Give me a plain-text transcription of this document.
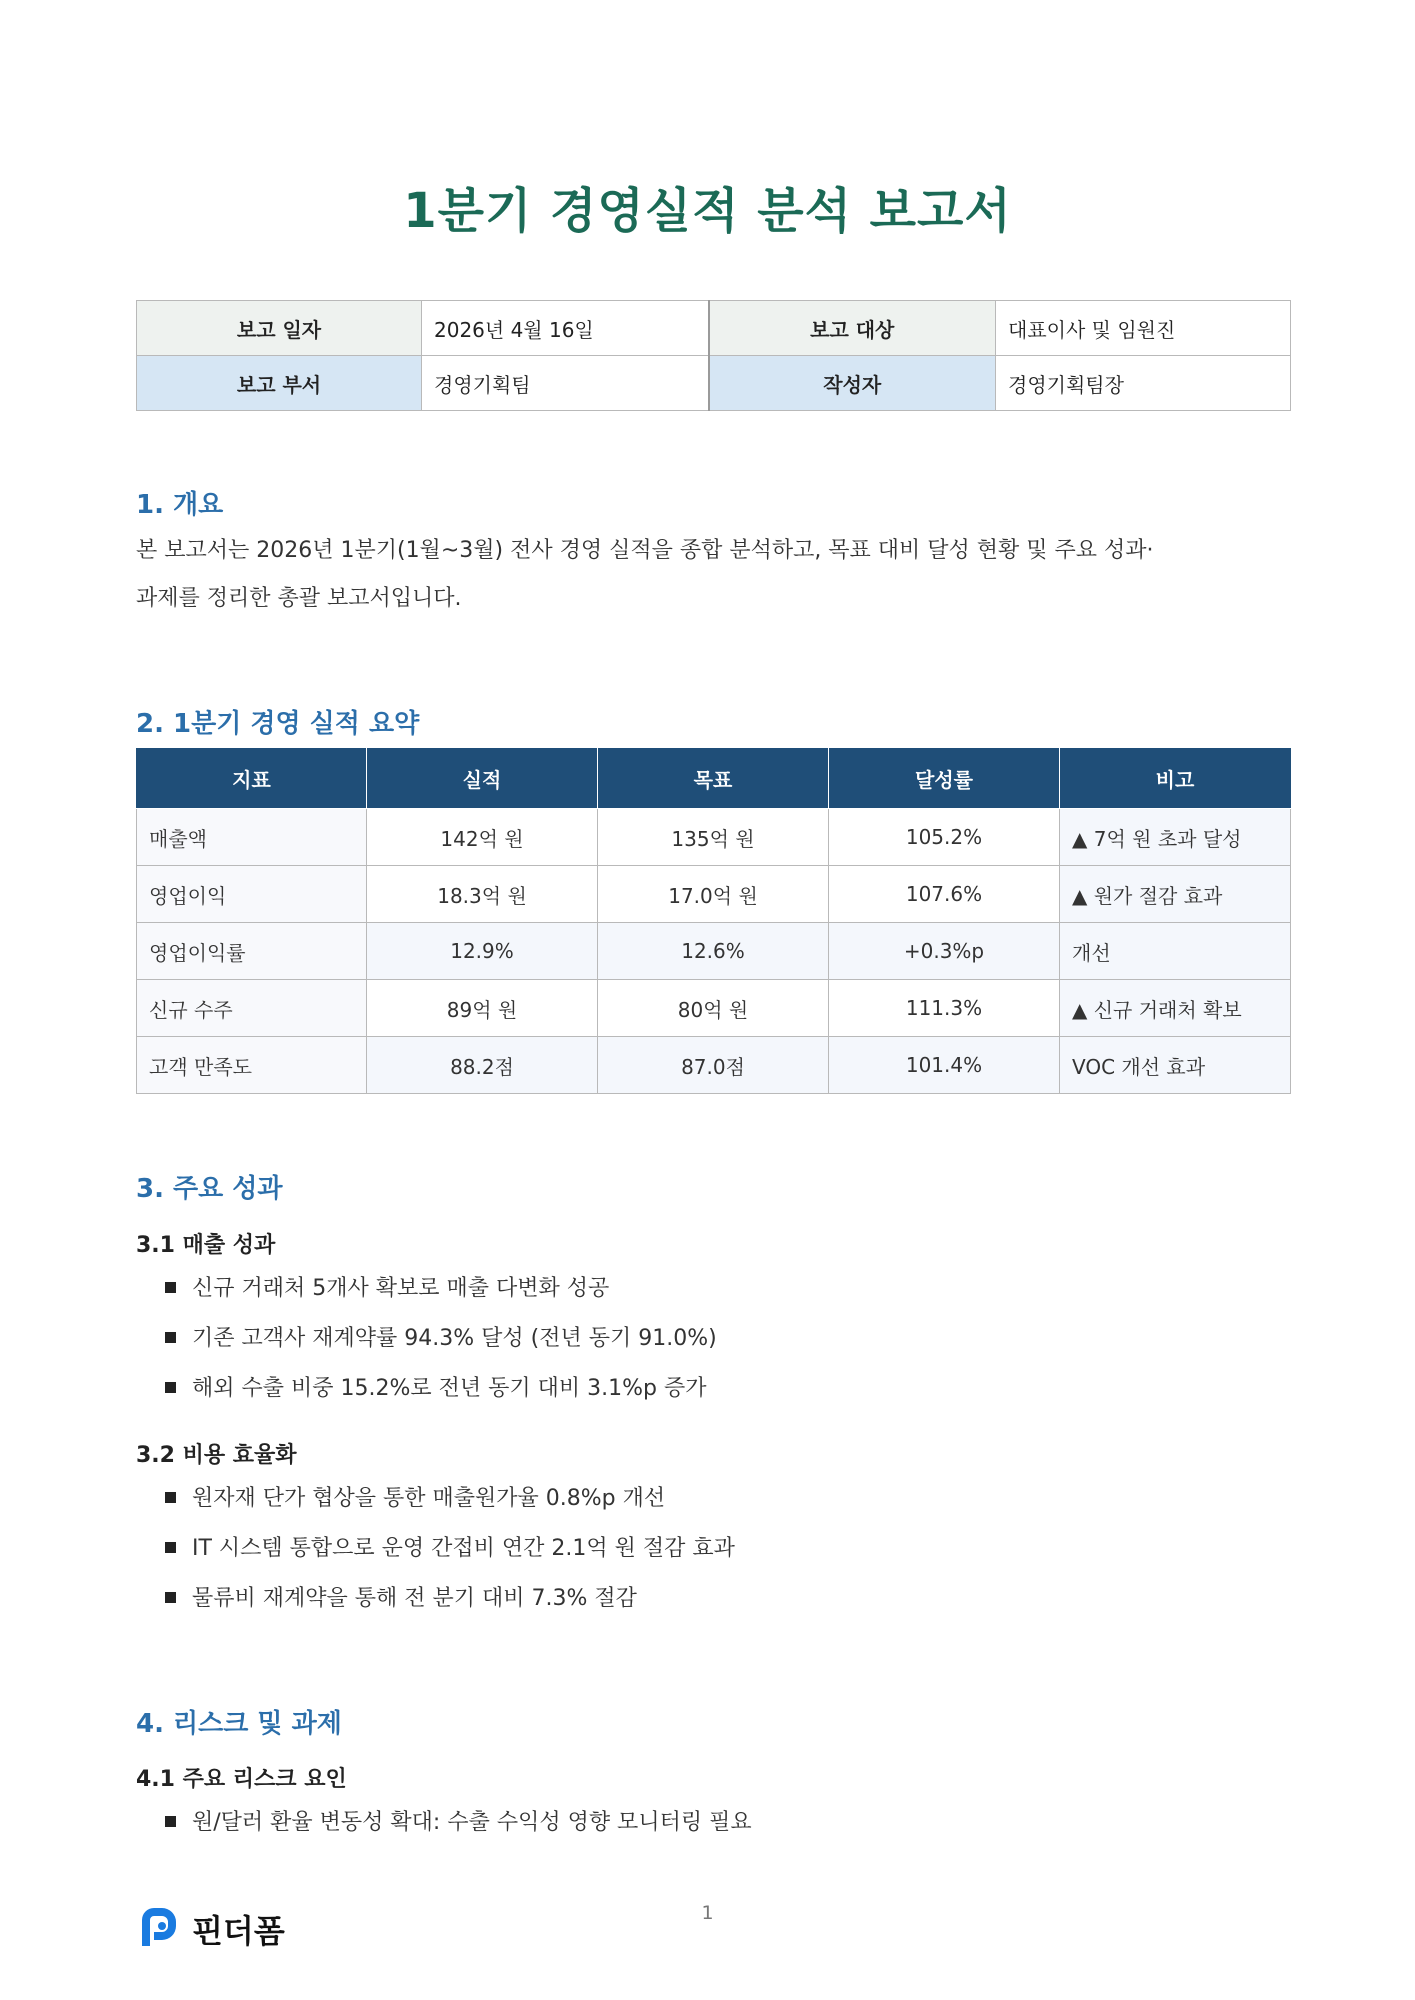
1분기 경영실적 분석 보고서
보고 일자	2026년 4월 16일	보고 대상	대표이사 및 임원진
보고 부서	경영기획팀	작성자	경영기획팀장
1. 개요

본 보고서는 2026년 1분기(1월~3월) 전사 경영 실적을 종합 분석하고, 목표 대비 달성 현황 및 주요 성과·
과제를 정리한 총괄 보고서입니다.

2. 1분기 경영 실적 요약
지표	실적	목표	달성률	비고
매출액	142억 원	135억 원	105.2%	▲ 7억 원 초과 달성
영업이익	18.3억 원	17.0억 원	107.6%	▲ 원가 절감 효과
영업이익률	12.9%	12.6%	+0.3%p	개선
신규 수주	89억 원	80억 원	111.3%	▲ 신규 거래처 확보
고객 만족도	88.2점	87.0점	101.4%	VOC 개선 효과
3. 주요 성과
3.1 매출 성과
신규 거래처 5개사 확보로 매출 다변화 성공
기존 고객사 재계약률 94.3% 달성 (전년 동기 91.0%)
해외 수출 비중 15.2%로 전년 동기 대비 3.1%p 증가
3.2 비용 효율화
원자재 단가 협상을 통한 매출원가율 0.8%p 개선
IT 시스템 통합으로 운영 간접비 연간 2.1억 원 절감 효과
물류비 재계약을 통해 전 분기 대비 7.3% 절감
4. 리스크 및 과제
4.1 주요 리스크 요인
원/달러 환율 변동성 확대: 수출 수익성 영향 모니터링 필요
핀더폼	1
